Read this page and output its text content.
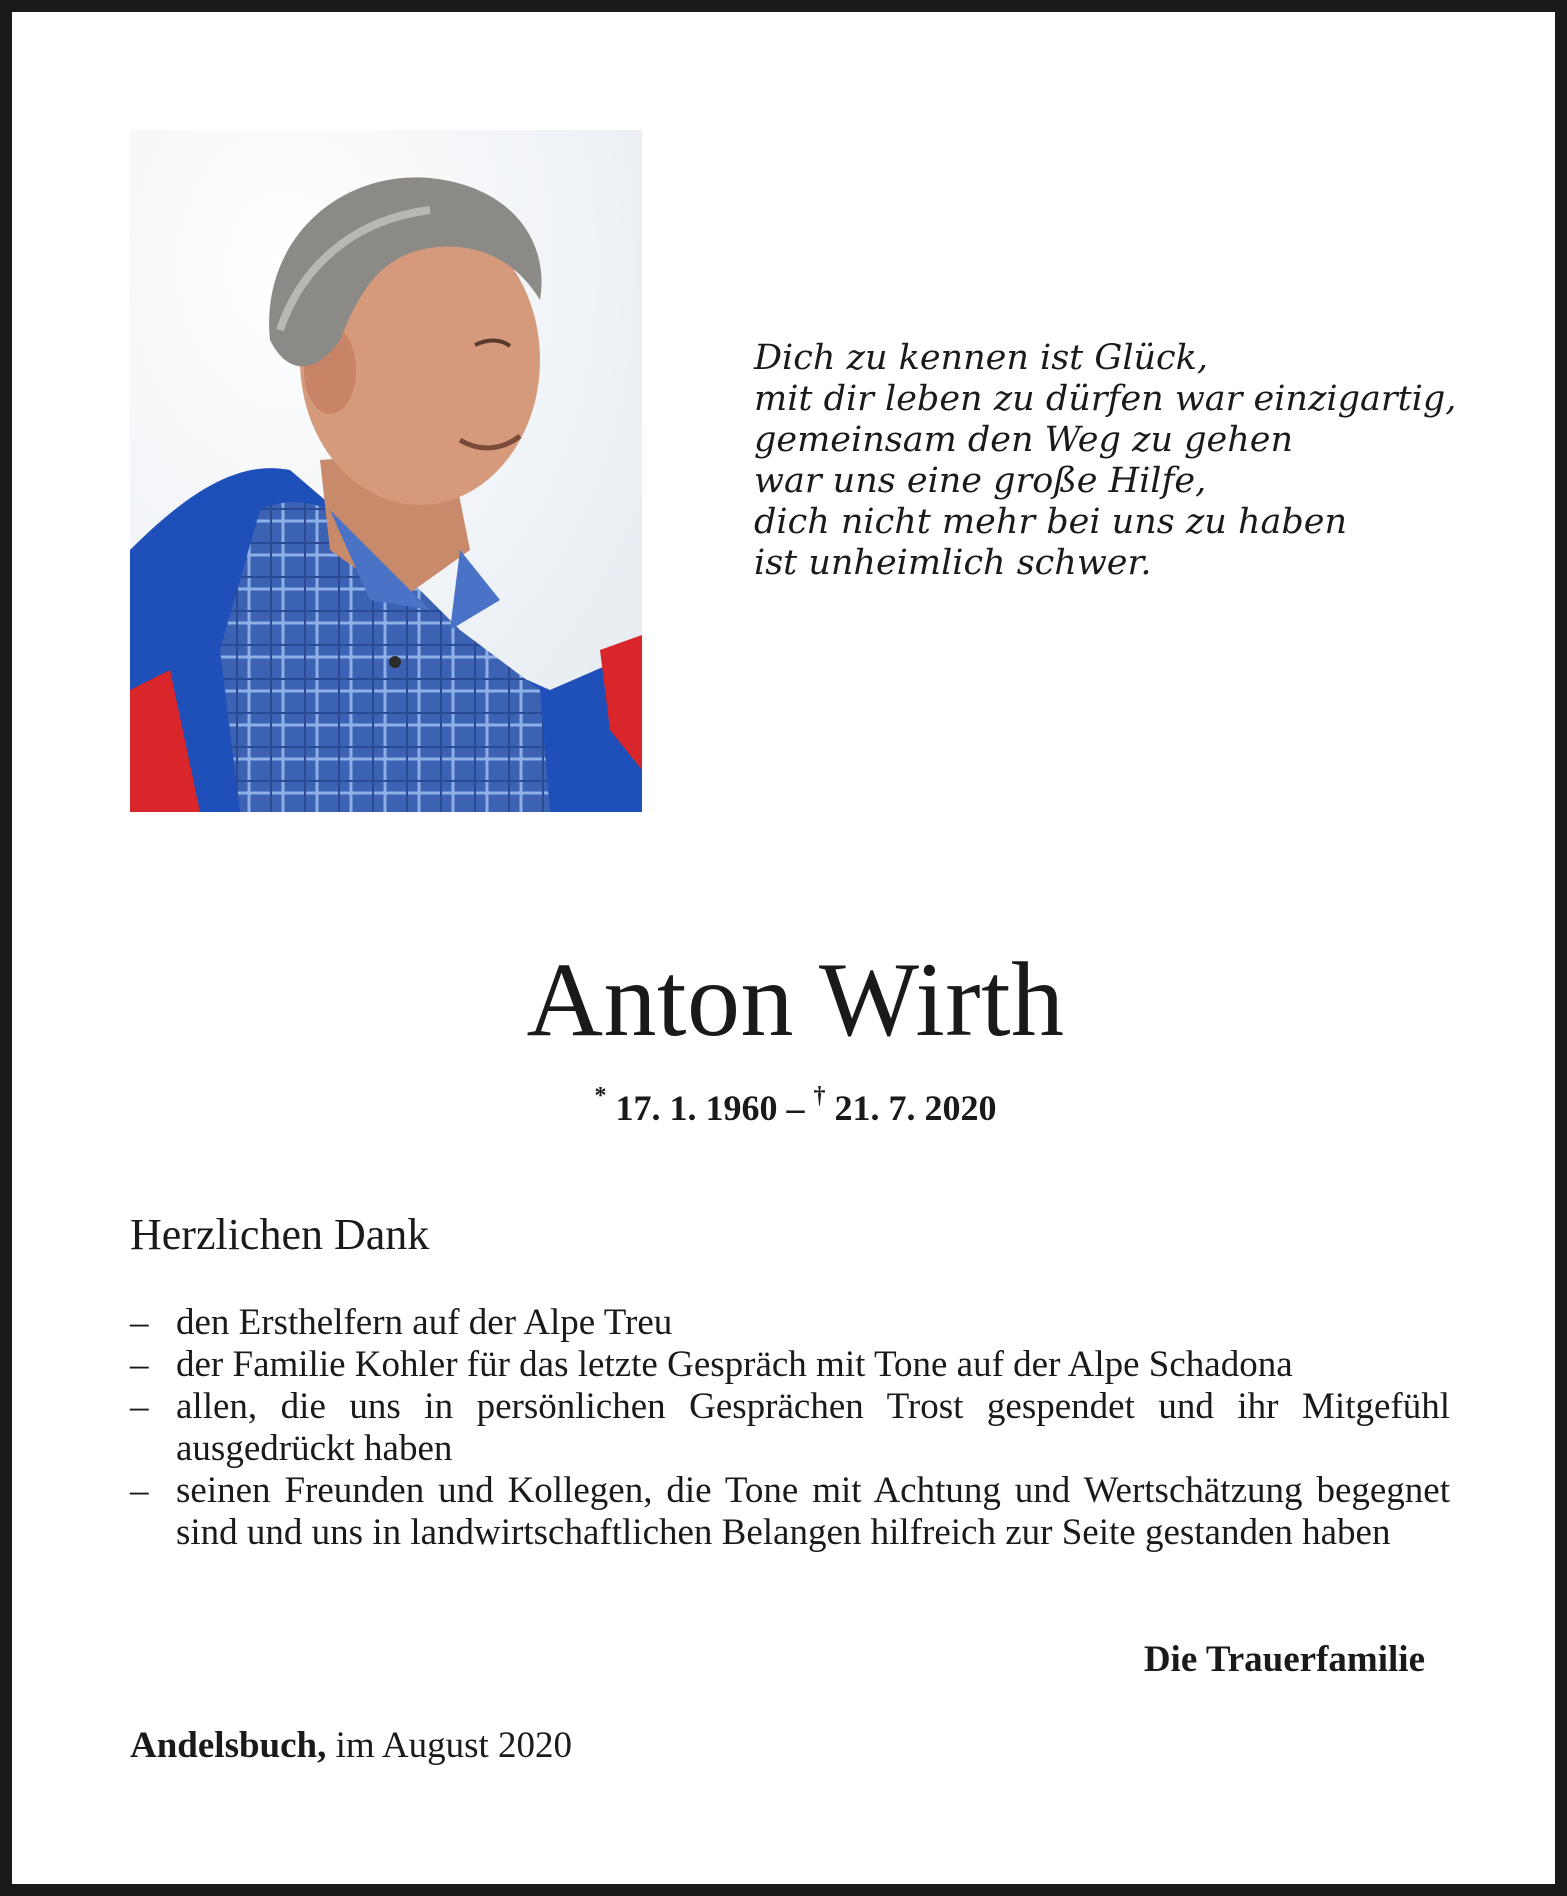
Dich zu kennen ist Glück,
mit dir leben zu dürfen war einzigartig,
gemeinsam den Weg zu gehen
war uns eine große Hilfe,
dich nicht mehr bei uns zu haben
ist unheimlich schwer.
Anton Wirth
* 17. 1. 1960 – † 21. 7. 2020
Herzlichen Dank
– den Ersthelfern auf der Alpe Treu
– der Familie Kohler für das letzte Gespräch mit Tone auf der Alpe Schadona
– allen, die uns in persönlichen Gesprächen Trost gespendet und ihr Mitgefühl ausgedrückt haben
– seinen Freunden und Kollegen, die Tone mit Achtung und Wertschätzung begegnet sind und uns in landwirtschaftlichen Belangen hilfreich zur Seite gestanden haben
Die Trauerfamilie
Andelsbuch, im August 2020
